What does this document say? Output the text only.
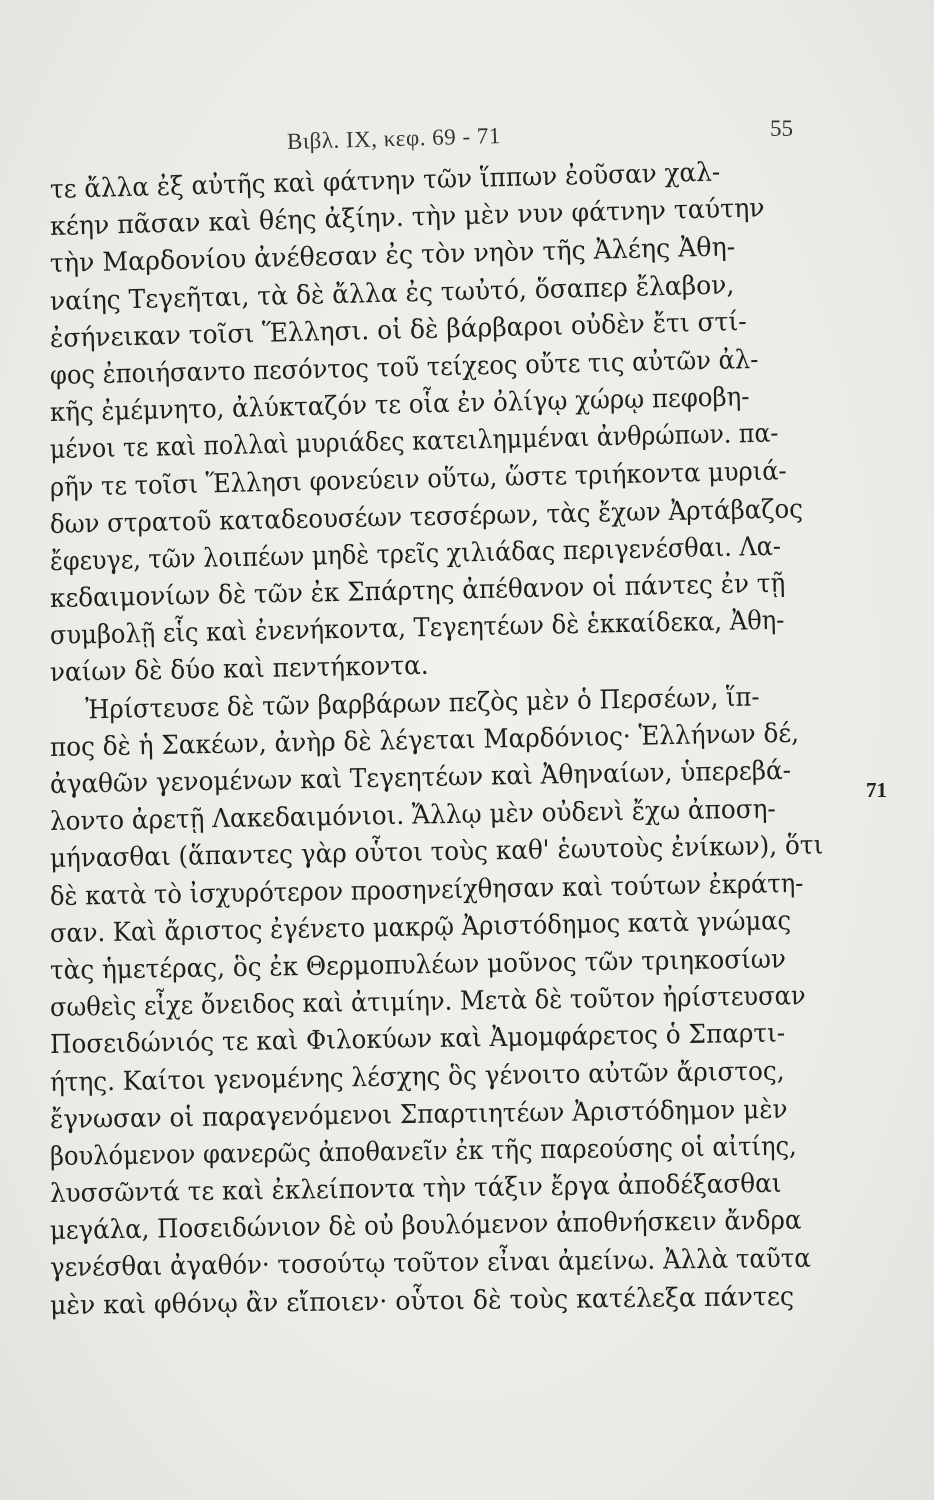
Βιβλ. IX, κεφ. 69 - 71	55
τε ἄλλα ἐξ αὐτῆς καὶ φάτνην τῶν ἵππων ἐοῦσαν χαλ-
κέην πᾶσαν καὶ θέης ἀξίην. τὴν μὲν νυν φάτνην ταύτην
τὴν Μαρδονίου ἀνέθεσαν ἐς τὸν νηὸν τῆς Ἀλέης Ἀθη-
ναίης Τεγεῆται, τὰ δὲ ἄλλα ἐς τωὐτό, ὅσαπερ ἔλαβον,
ἐσήνεικαν τοῖσι Ἕλλησι. οἱ δὲ βάρβαροι οὐδὲν ἔτι στί-
φος ἐποιήσαντο πεσόντος τοῦ τείχεος οὔτε τις αὐτῶν ἀλ-
κῆς ἐμέμνητο, ἀλύκταζόν τε οἷα ἐν ὀλίγῳ χώρῳ πεφοβη-
μένοι τε καὶ πολλαὶ μυριάδες κατειλημμέναι ἀνθρώπων. πα-
ρῆν τε τοῖσι Ἕλλησι φονεύειν οὕτω, ὥστε τριήκοντα μυριά-
δων στρατοῦ καταδεουσέων τεσσέρων, τὰς ἔχων Ἀρτάβαζος
ἔφευγε, τῶν λοιπέων μηδὲ τρεῖς χιλιάδας περιγενέσθαι. Λα-
κεδαιμονίων δὲ τῶν ἐκ Σπάρτης ἀπέθανον οἱ πάντες ἐν τῇ
συμβολῇ εἷς καὶ ἐνενήκοντα, Τεγεητέων δὲ ἑκκαίδεκα, Ἀθη-
ναίων δὲ δύο καὶ πεντήκοντα.
Ἠρίστευσε δὲ τῶν βαρβάρων πεζὸς μὲν ὁ Περσέων, ἵπ-
πος δὲ ἡ Σακέων, ἀνὴρ δὲ λέγεται Μαρδόνιος· Ἑλλήνων δέ,
ἀγαθῶν γενομένων καὶ Τεγεητέων καὶ Ἀθηναίων, ὑπερεβά-
λοντο ἀρετῇ Λακεδαιμόνιοι. Ἄλλῳ μὲν οὐδενὶ ἔχω ἀποση-
μήνασθαι (ἅπαντες γὰρ οὗτοι τοὺς καθ' ἑωυτοὺς ἐνίκων), ὅτι
δὲ κατὰ τὸ ἰσχυρότερον προσηνείχθησαν καὶ τούτων ἐκράτη-
σαν. Καὶ ἄριστος ἐγένετο μακρῷ Ἀριστόδημος κατὰ γνώμας
τὰς ἡμετέρας, ὃς ἐκ Θερμοπυλέων μοῦνος τῶν τριηκοσίων
σωθεὶς εἶχε ὄνειδος καὶ ἀτιμίην. Μετὰ δὲ τοῦτον ἠρίστευσαν
Ποσειδώνιός τε καὶ Φιλοκύων καὶ Ἀμομφάρετος ὁ Σπαρτι-
ήτης. Καίτοι γενομένης λέσχης ὃς γένοιτο αὐτῶν ἄριστος,
ἔγνωσαν οἱ παραγενόμενοι Σπαρτιητέων Ἀριστόδημον μὲν
βουλόμενον φανερῶς ἀποθανεῖν ἐκ τῆς παρεούσης οἱ αἰτίης,
λυσσῶντά τε καὶ ἐκλείποντα τὴν τάξιν ἔργα ἀποδέξασθαι
μεγάλα, Ποσειδώνιον δὲ οὐ βουλόμενον ἀποθνήσκειν ἄνδρα
γενέσθαι ἀγαθόν· τοσούτῳ τοῦτον εἶναι ἀμείνω. Ἀλλὰ ταῦτα
μὲν καὶ φθόνῳ ἂν εἴποιεν· οὗτοι δὲ τοὺς κατέλεξα πάντες
71
